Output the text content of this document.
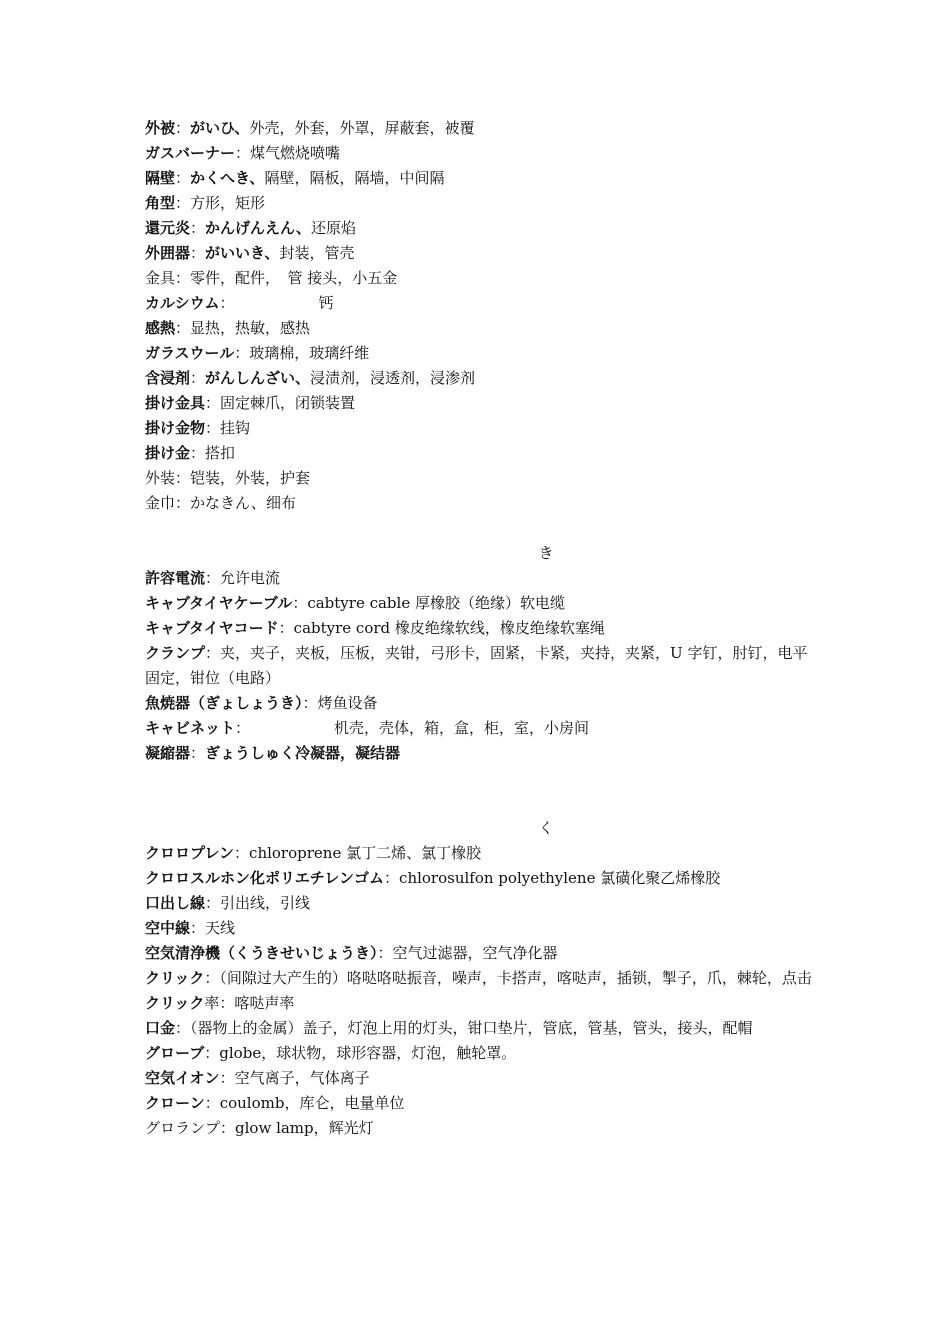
外被：がいひ、外壳，外套，外罩，屏蔽套，被覆
ガスバーナー：煤气燃烧喷嘴
隔壁：かくへき、隔壁，隔板，隔墙，中间隔
角型：方形，矩形
還元炎：かんげんえん、还原焰
外囲器：がいいき、封装，管壳
金具：零件，配件，　管 接头，小五金
カルシウム：	钙
感熱：显热，热敏，感热
ガラスウール：玻璃棉，玻璃纤维
含浸剤：がんしんざい、浸渍剂，浸透剂，浸渗剂
掛け金具：固定棘爪，闭锁装置
掛け金物：挂钩
掛け金：搭扣
外装：铠装，外装，护套
金巾：かなきん、细布
き
許容電流：允许电流
キャブタイヤケーブル：cabtyre cable 厚橡胶（绝缘）软电缆
キャブタイヤコード：cabtyre cord 橡皮绝缘软线，橡皮绝缘软塞绳
クランプ：夹，夹子，夹板，压板，夹钳，弓形卡，固紧，卡紧，夹持，夹紧，U 字钉，肘钉，电平固定，钳位（电路）
魚焼器（ぎょしょうき）：烤鱼设备
キャビネット：	机壳，壳体，箱，盒，柜，室，小房间
凝縮器：ぎょうしゅく冷凝器，凝结器
く
クロロプレン：chloroprene 氯丁二烯、氯丁橡胶
クロロスルホン化ポリエチレンゴム：chlorosulfon polyethylene 氯磺化聚乙烯橡胶
口出し線：引出线，引线
空中線：天线
空気清浄機（くうきせいじょうき）：空气过滤器，空气净化器
クリック：（间隙过大产生的）咯哒咯哒振音，噪声，卡搭声，喀哒声，插锁，掣子，爪，棘轮，点击
クリック率：喀哒声率
口金：（器物上的金属）盖子，灯泡上用的灯头，钳口垫片，管底，管基，管头，接头，配帽
グローブ：globe，球状物，球形容器，灯泡，触轮罩。
空気イオン：空气离子，气体离子
クローン：coulomb，库仑，电量单位
グロランプ：glow lamp，辉光灯
